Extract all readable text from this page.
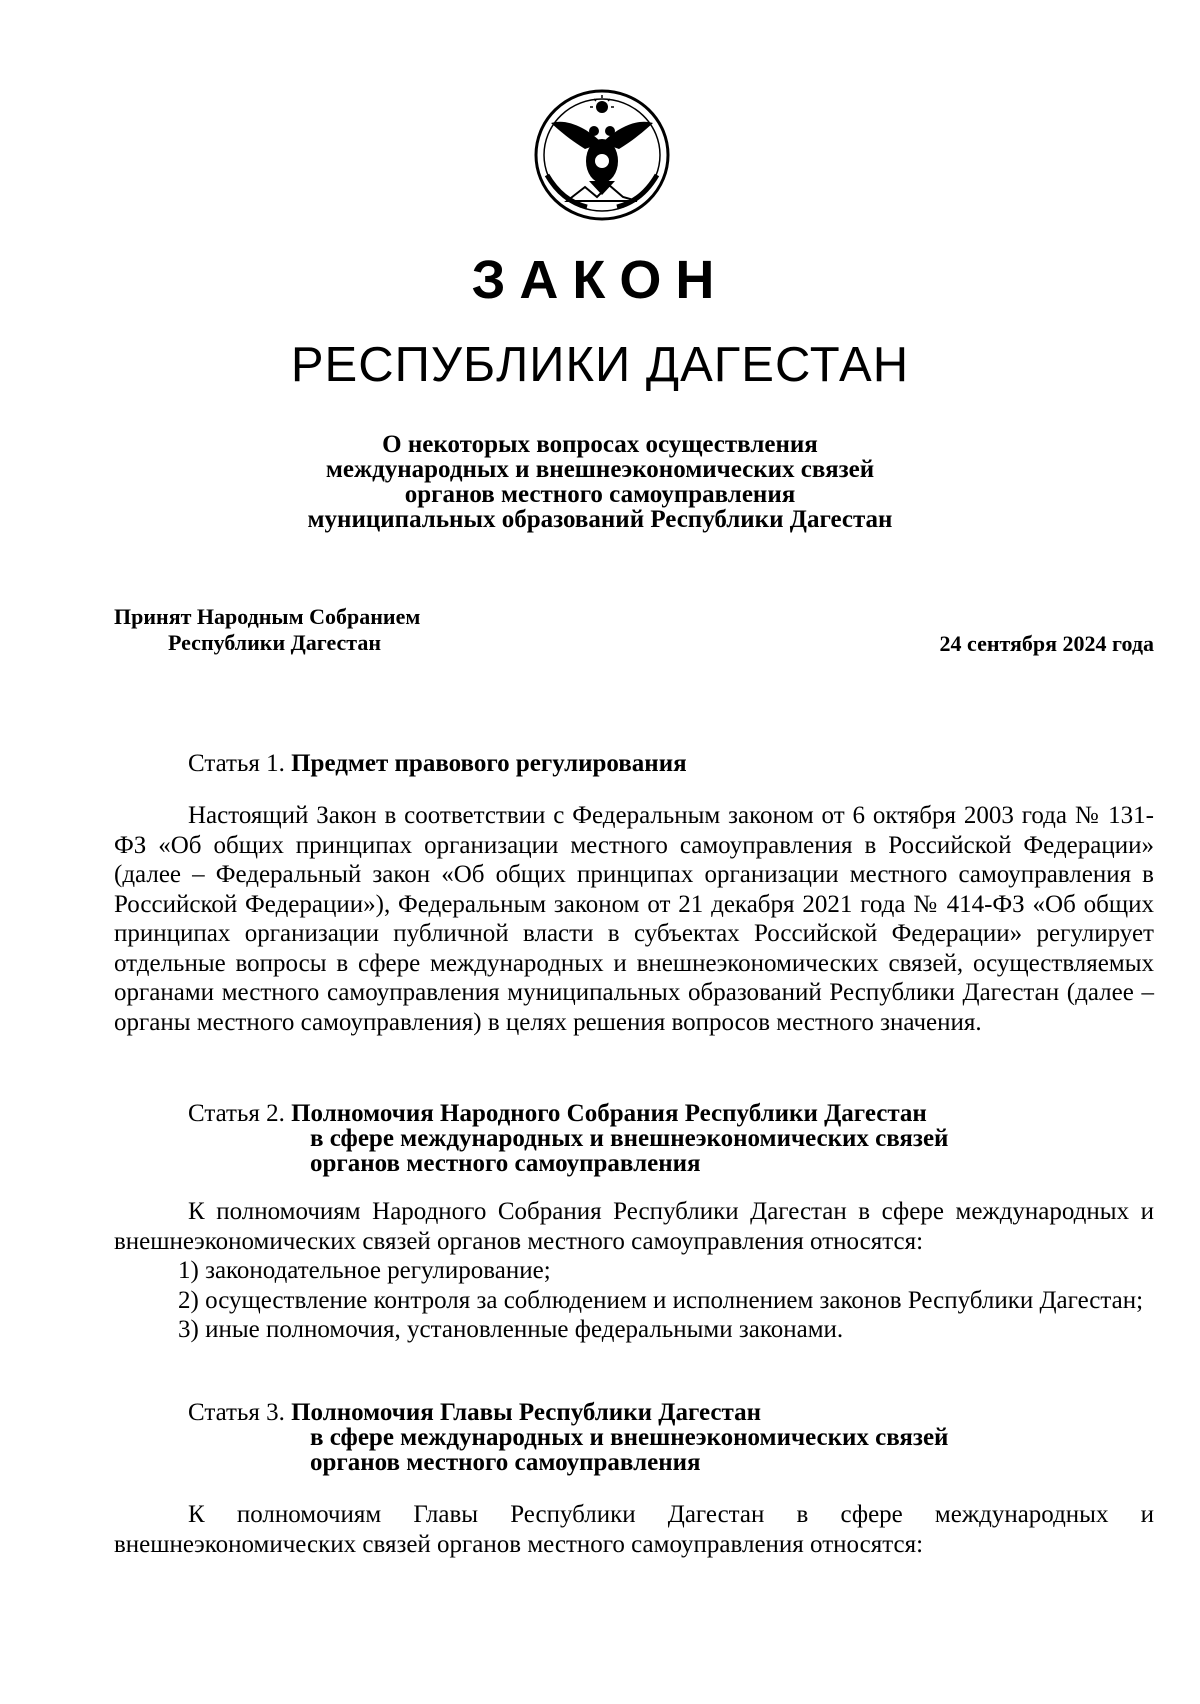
ЗАКОН
РЕСПУБЛИКИ ДАГЕСТАН
О некоторых вопросах осуществления
международных и внешнеэкономических связей
органов местного самоуправления
муниципальных образований Республики Дагестан
Принят Народным Собранием
Республики Дагестан	24 сентября 2024 года
Статья 1. Предмет правового регулирования

Настоящий Закон в соответствии с Федеральным законом от 6 октября 2003 года № 131-ФЗ «Об общих принципах организации местного самоуправления в Российской Федерации» (далее – Федеральный закон «Об общих принципах организации местного самоуправления в Российской Федерации»), Федеральным законом от 21 декабря 2021 года № 414-ФЗ «Об общих принципах организации публичной власти в субъектах Российской Федерации» регулирует отдельные вопросы в сфере международных и внешнеэкономических связей, осуществляемых органами местного самоуправления муниципальных образований Республики Дагестан (далее – органы местного самоуправления) в целях решения вопросов местного значения.

Статья 2. Полномочия Народного Собрания Республики Дагестан
в сфере международных и внешнеэкономических связей
органов местного самоуправления

К полномочиям Народного Собрания Республики Дагестан в сфере международных и внешнеэкономических связей органов местного самоуправления относятся:

1) законодательное регулирование;

2) осуществление контроля за соблюдением и исполнением законов Республики Дагестан;

3) иные полномочия, установленные федеральными законами.

Статья 3. Полномочия Главы Республики Дагестан
в сфере международных и внешнеэкономических связей
органов местного самоуправления

К полномочиям Главы Республики Дагестан в сфере международных и внешнеэкономических связей органов местного самоуправления относятся:
